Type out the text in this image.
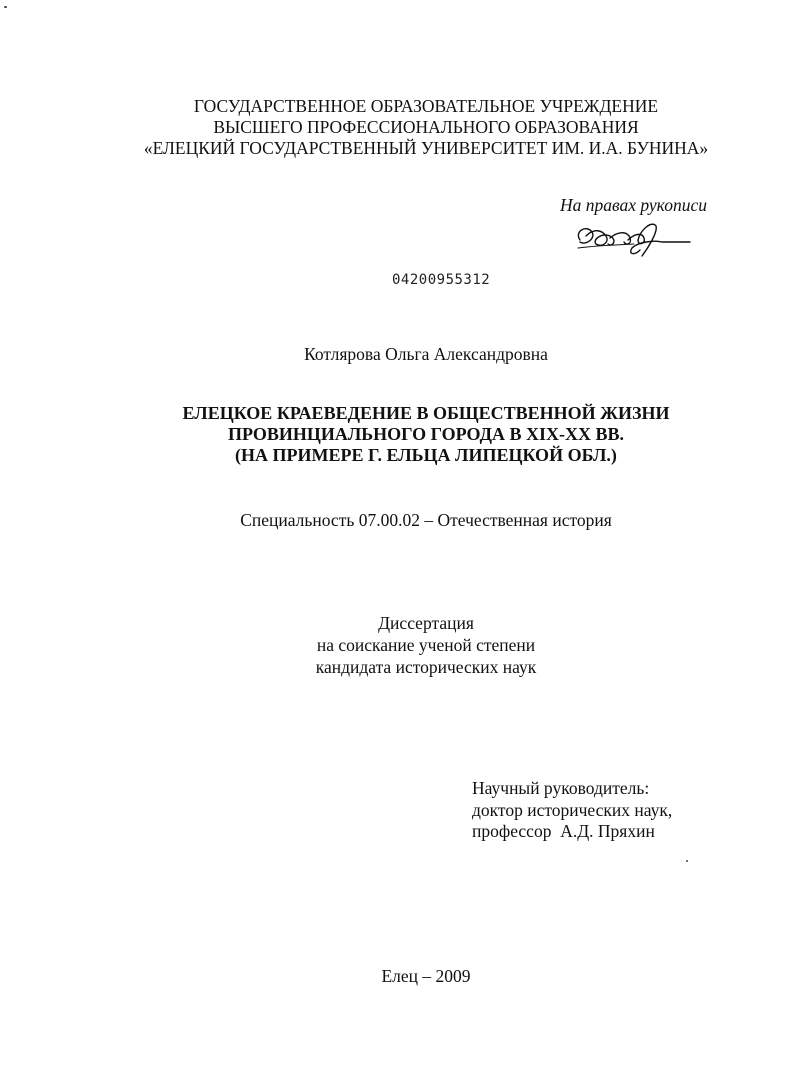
ГОСУДАРСТВЕННОЕ ОБРАЗОВАТЕЛЬНОЕ УЧРЕЖДЕНИЕ
ВЫСШЕГО ПРОФЕССИОНАЛЬНОГО ОБРАЗОВАНИЯ
«ЕЛЕЦКИЙ ГОСУДАРСТВЕННЫЙ УНИВЕРСИТЕТ ИМ. И.А. БУНИНА»
На правах рукописи
04200955312
Котлярова Ольга Александровна
ЕЛЕЦКОЕ КРАЕВЕДЕНИЕ В ОБЩЕСТВЕННОЙ ЖИЗНИ
ПРОВИНЦИАЛЬНОГО ГОРОДА В XIX-XX ВВ.
(НА ПРИМЕРЕ Г. ЕЛЬЦА ЛИПЕЦКОЙ ОБЛ.)
Специальность 07.00.02 – Отечественная история
Диссертация
на соискание ученой степени
кандидата исторических наук
Научный руководитель:
доктор исторических наук,
профессор  А.Д. Пряхин
Елец – 2009
